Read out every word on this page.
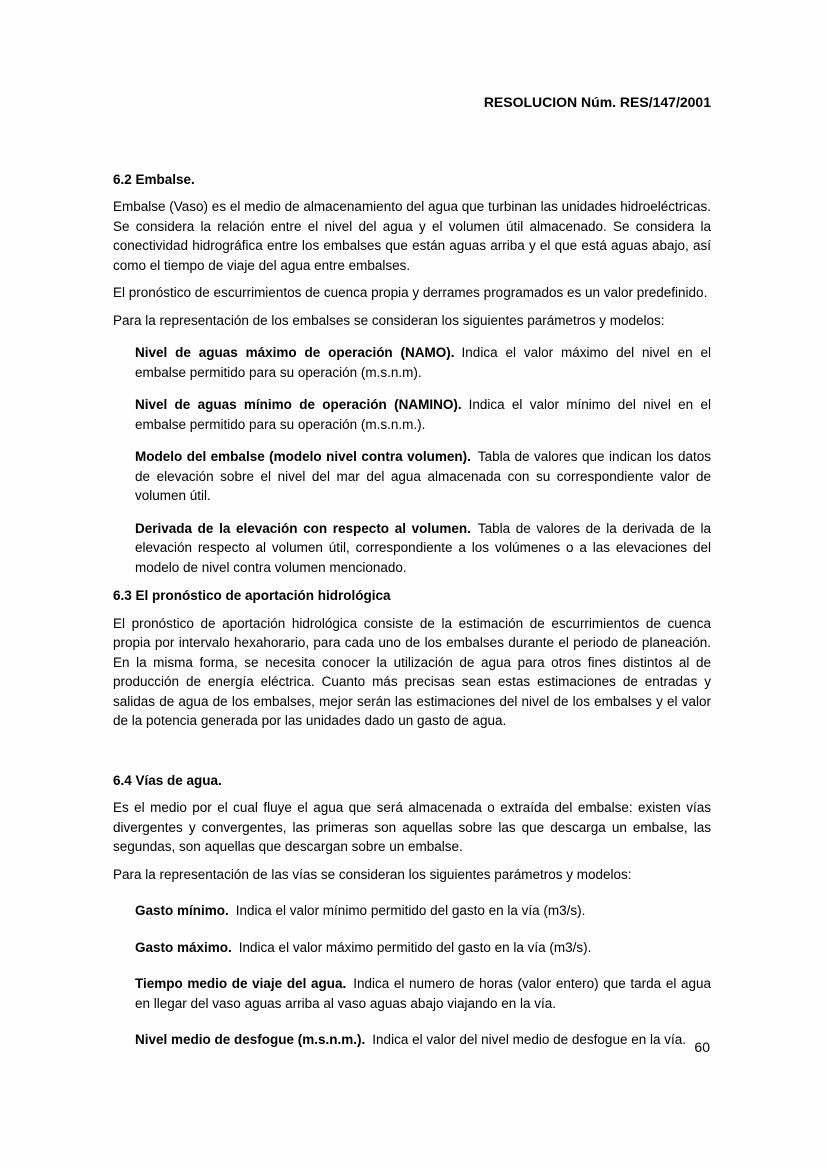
RESOLUCION Núm. RES/147/2001
6.2 Embalse.

Embalse (Vaso) es el medio de almacenamiento del agua que turbinan las unidades hidroeléctricas. Se considera la relación entre el nivel del agua y el volumen útil almacenado. Se considera la conectividad hidrográfica entre los embalses que están aguas arriba y el que está aguas abajo, así como el tiempo de viaje del agua entre embalses.

El pronóstico de escurrimientos de cuenca propia y derrames programados es un valor predefinido.

Para la representación de los embalses se consideran los siguientes parámetros y modelos:

Nivel de aguas máximo de operación (NAMO). Indica el valor máximo del nivel en el embalse permitido para su operación (m.s.n.m).
Nivel de aguas mínimo de operación (NAMINO). Indica el valor mínimo del nivel en el embalse permitido para su operación (m.s.n.m.).
Modelo del embalse (modelo nivel contra volumen). Tabla de valores que indican los datos de elevación sobre el nivel del mar del agua almacenada con su correspondiente valor de volumen útil.
Derivada de la elevación con respecto al volumen. Tabla de valores de la derivada de la elevación respecto al volumen útil, correspondiente a los volúmenes o a las elevaciones del modelo de nivel contra volumen mencionado.
6.3 El pronóstico de aportación hidrológica

El pronóstico de aportación hidrológica consiste de la estimación de escurrimientos de cuenca propia por intervalo hexahorario, para cada uno de los embalses durante el periodo de planeación. En la misma forma, se necesita conocer la utilización de agua para otros fines distintos al de producción de energía eléctrica. Cuanto más precisas sean estas estimaciones de entradas y salidas de agua de los embalses, mejor serán las estimaciones del nivel de los embalses y el valor de la potencia generada por las unidades dado un gasto de agua.

6.4 Vías de agua.

Es el medio por el cual fluye el agua que será almacenada o extraída del embalse: existen vías divergentes y convergentes, las primeras son aquellas sobre las que descarga un embalse, las segundas, son aquellas que descargan sobre un embalse.

Para la representación de las vías se consideran los siguientes parámetros y modelos:

Gasto mínimo. Indica el valor mínimo permitido del gasto en la vía (m3/s).
Gasto máximo. Indica el valor máximo permitido del gasto en la vía (m3/s).
Tiempo medio de viaje del agua. Indica el numero de horas (valor entero) que tarda el agua en llegar del vaso aguas arriba al vaso aguas abajo viajando en la vía.
Nivel medio de desfogue (m.s.n.m.). Indica el valor del nivel medio de desfogue en la vía. 60
